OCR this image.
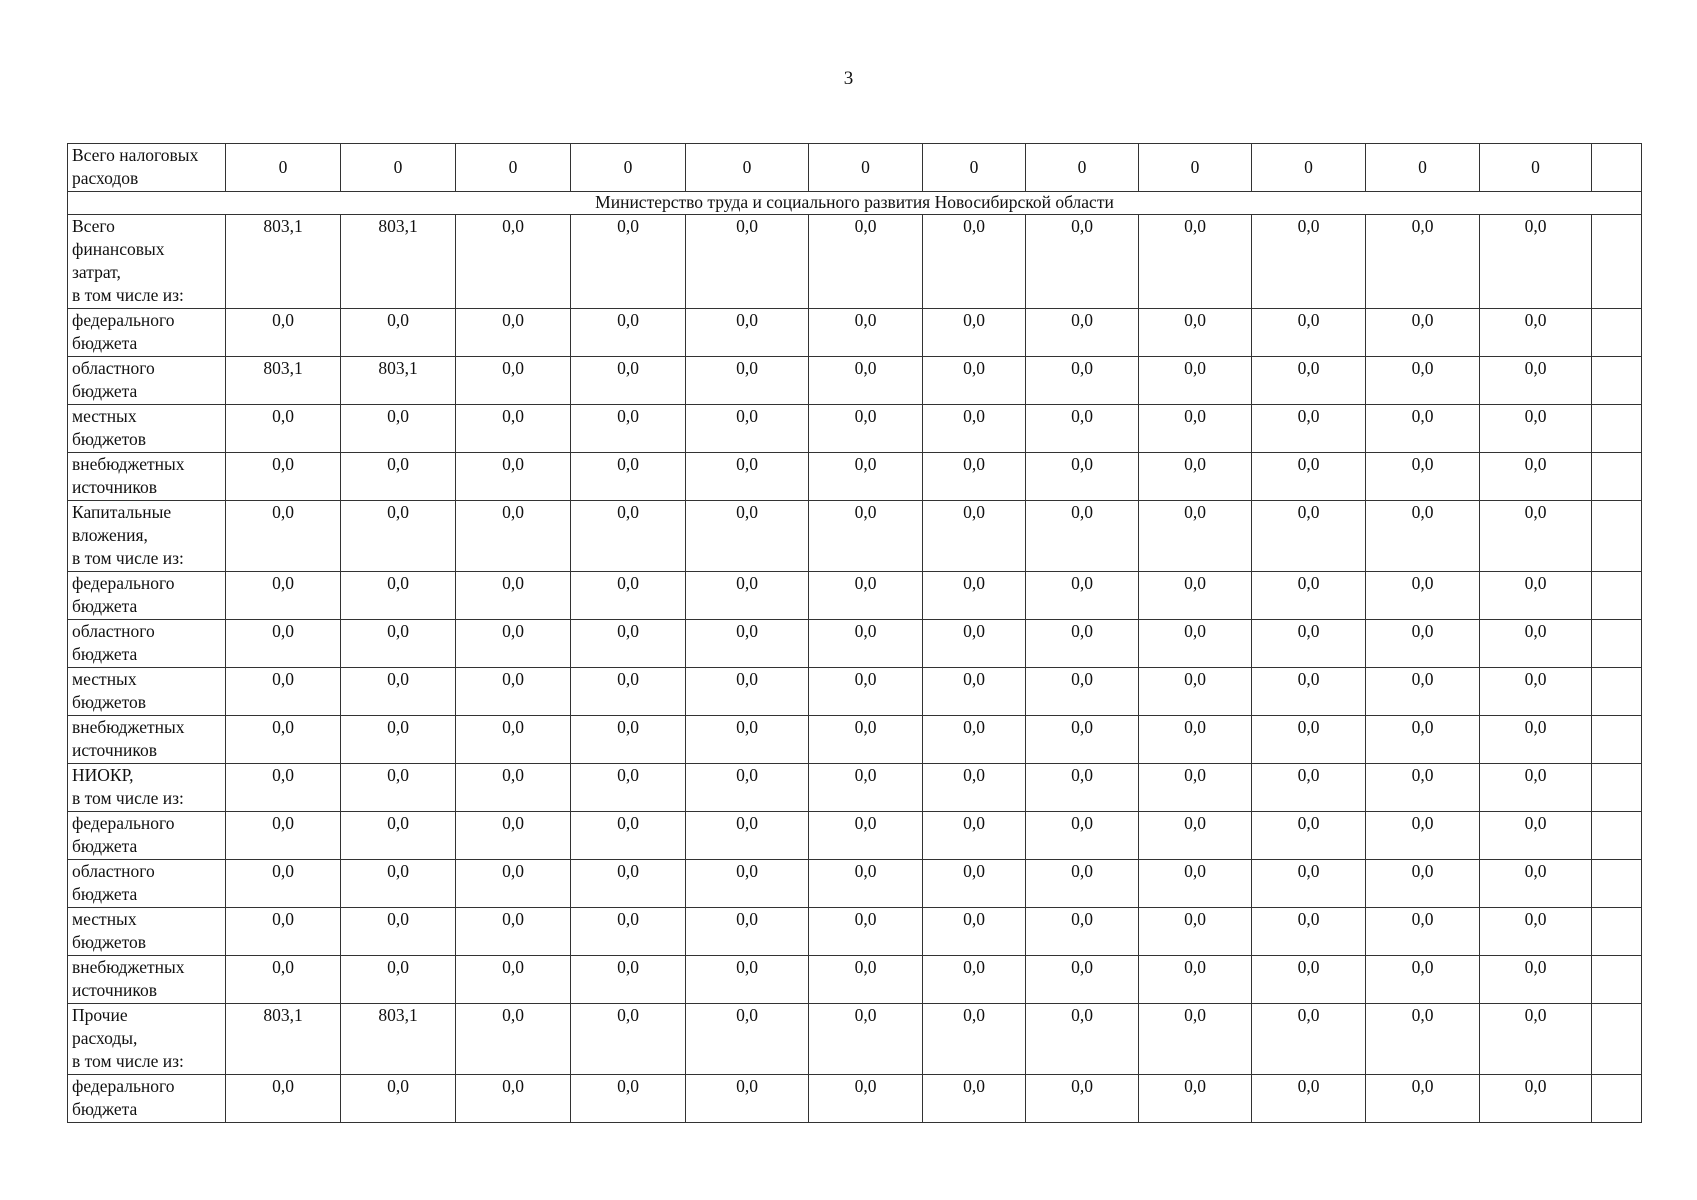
3
Всего налоговых
расходов	0	0	0	0	0	0	0	0	0	0	0	0	
Министерство труда и социального развития Новосибирской области													
Всего
финансовых
затрат,
в том числе из:	803,1	803,1	0,0	0,0	0,0	0,0	0,0	0,0	0,0	0,0	0,0	0,0	
федерального
бюджета	0,0	0,0	0,0	0,0	0,0	0,0	0,0	0,0	0,0	0,0	0,0	0,0	
областного
бюджета	803,1	803,1	0,0	0,0	0,0	0,0	0,0	0,0	0,0	0,0	0,0	0,0	
местных
бюджетов	0,0	0,0	0,0	0,0	0,0	0,0	0,0	0,0	0,0	0,0	0,0	0,0	
внебюджетных
источников	0,0	0,0	0,0	0,0	0,0	0,0	0,0	0,0	0,0	0,0	0,0	0,0	
Капитальные
вложения,
в том числе из:	0,0	0,0	0,0	0,0	0,0	0,0	0,0	0,0	0,0	0,0	0,0	0,0	
федерального
бюджета	0,0	0,0	0,0	0,0	0,0	0,0	0,0	0,0	0,0	0,0	0,0	0,0	
областного
бюджета	0,0	0,0	0,0	0,0	0,0	0,0	0,0	0,0	0,0	0,0	0,0	0,0	
местных
бюджетов	0,0	0,0	0,0	0,0	0,0	0,0	0,0	0,0	0,0	0,0	0,0	0,0	
внебюджетных
источников	0,0	0,0	0,0	0,0	0,0	0,0	0,0	0,0	0,0	0,0	0,0	0,0	
НИОКР,
в том числе из:	0,0	0,0	0,0	0,0	0,0	0,0	0,0	0,0	0,0	0,0	0,0	0,0	
федерального
бюджета	0,0	0,0	0,0	0,0	0,0	0,0	0,0	0,0	0,0	0,0	0,0	0,0	
областного
бюджета	0,0	0,0	0,0	0,0	0,0	0,0	0,0	0,0	0,0	0,0	0,0	0,0	
местных
бюджетов	0,0	0,0	0,0	0,0	0,0	0,0	0,0	0,0	0,0	0,0	0,0	0,0	
внебюджетных
источников	0,0	0,0	0,0	0,0	0,0	0,0	0,0	0,0	0,0	0,0	0,0	0,0	
Прочие
расходы,
в том числе из:	803,1	803,1	0,0	0,0	0,0	0,0	0,0	0,0	0,0	0,0	0,0	0,0	
федерального
бюджета	0,0	0,0	0,0	0,0	0,0	0,0	0,0	0,0	0,0	0,0	0,0	0,0	
